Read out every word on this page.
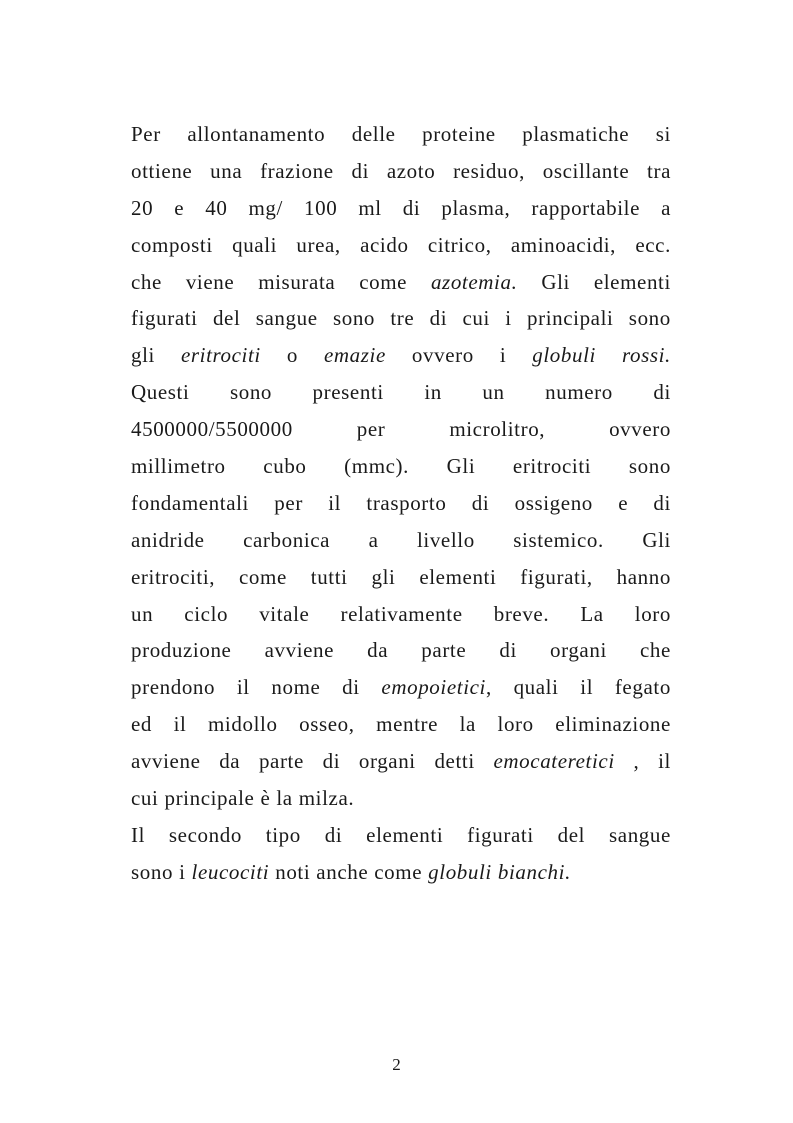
Per allontanamento delle proteine plasmatiche si
ottiene una frazione di azoto residuo, oscillante tra
20 e 40 mg/ 100 ml di plasma, rapportabile a
composti quali urea, acido citrico, aminoacidi, ecc.
che viene misurata come azotemia. Gli elementi
figurati del sangue sono tre di cui i principali sono
gli eritrociti o emazie ovvero i globuli rossi.
Questi sono presenti in un numero di
4500000/5500000	per	microlitro,	ovvero
millimetro cubo (mmc). Gli eritrociti sono
fondamentali per il trasporto di ossigeno e di
anidride carbonica a livello sistemico. Gli
eritrociti, come tutti gli elementi figurati, hanno
un ciclo vitale relativamente breve. La loro
produzione avviene da parte di organi che
prendono il nome di emopoietici, quali il fegato
ed il midollo osseo, mentre la loro eliminazione
avviene da parte di organi detti emocateretici , il
cui principale è la milza.
Il secondo tipo di elementi figurati del sangue
sono i leucociti noti anche come globuli bianchi.
2
